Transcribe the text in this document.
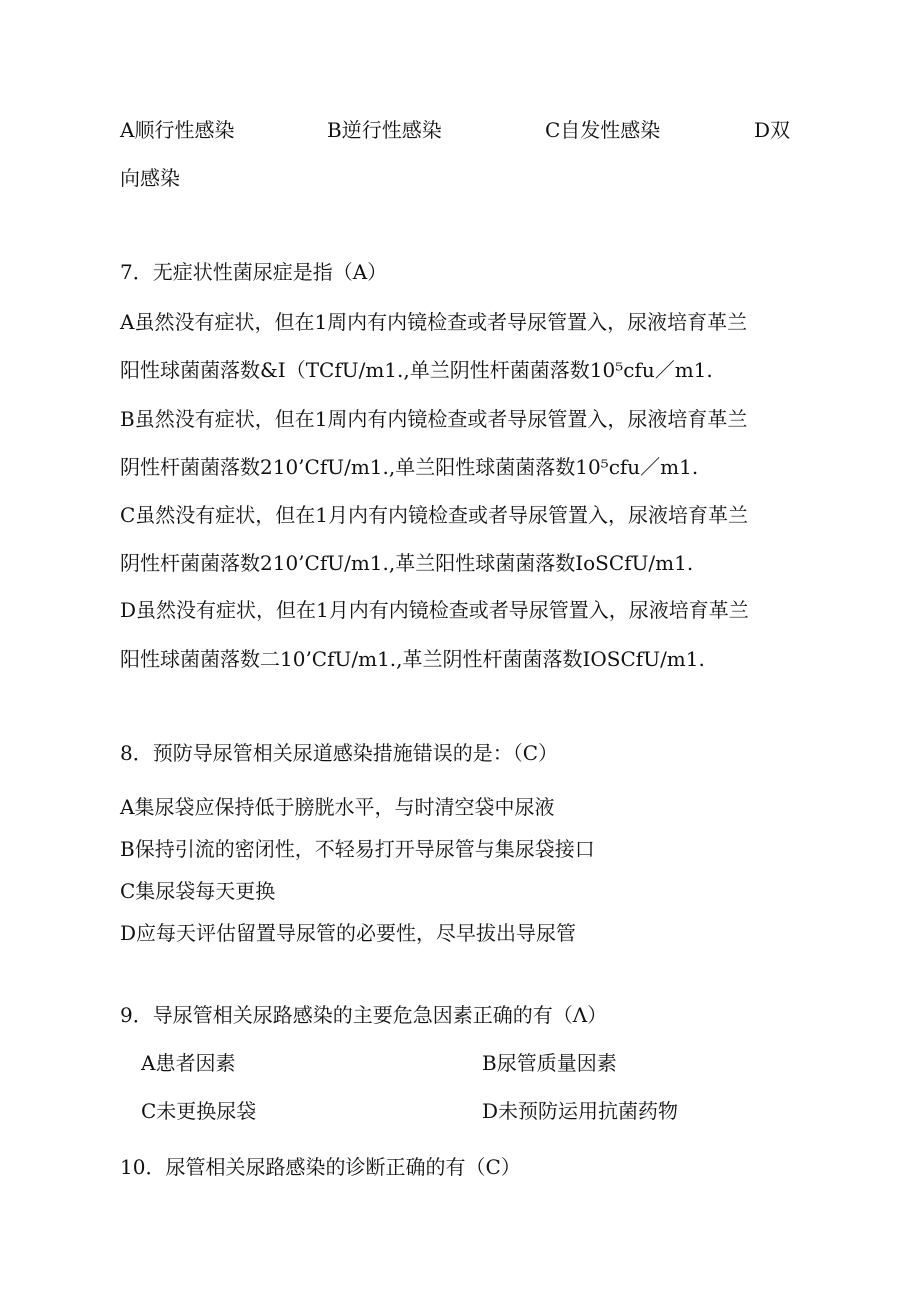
A顺行性感染	B逆行性感染	C自发性感染	D双
向感染
7．无症状性菌尿症是指（A）
A虽然没有症状，但在1周内有内镜检查或者导尿管置入，尿液培育革兰
阳性球菌菌落数&I（TCfU/m1.,单兰阴性杆菌菌落数10⁵cfu／m1.
B虽然没有症状，但在1周内有内镜检查或者导尿管置入，尿液培育革兰
阴性杆菌菌落数210’CfU/m1.,单兰阳性球菌菌落数10⁵cfu／m1.
C虽然没有症状，但在1月内有内镜检查或者导尿管置入，尿液培育革兰
阴性杆菌菌落数210’CfU/m1.,革兰阳性球菌菌落数IoSCfU/m1.
D虽然没有症状，但在1月内有内镜检查或者导尿管置入，尿液培育革兰
阳性球菌菌落数二10’CfU/m1.,革兰阴性杆菌菌落数IOSCfU/m1.
8．预防导尿管相关尿道感染措施错误的是：（C）
A集尿袋应保持低于膀胱水平，与时清空袋中尿液
B保持引流的密闭性，不轻易打开导尿管与集尿袋接口
C集尿袋每天更换
D应每天评估留置导尿管的必要性，尽早拔出导尿管
9．导尿管相关尿路感染的主要危急因素正确的有（Λ）
A患者因素	B尿管质量因素
C未更换尿袋	D未预防运用抗菌药物
10．尿管相关尿路感染的诊断正确的有（C）
